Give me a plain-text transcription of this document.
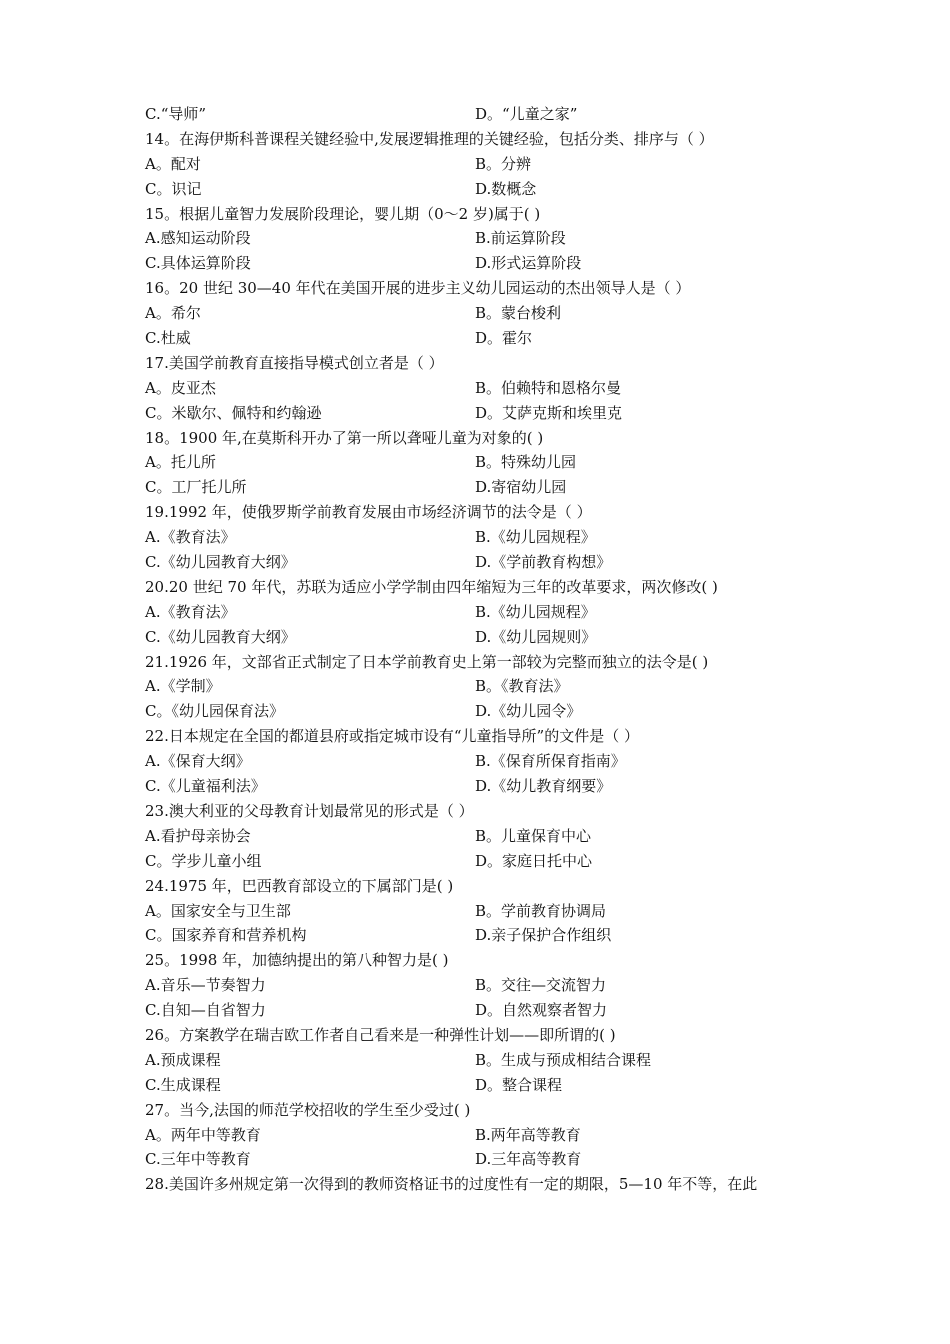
C.“导师”	D。“儿童之家”
14。在海伊斯科普课程关键经验中,发展逻辑推理的关键经验，包括分类、排序与（ ）
A。配对	B。分辨
C。识记	D.数概念
15。根据儿童智力发展阶段理论，婴儿期（0～2 岁)属于( )
A.感知运动阶段	B.前运算阶段
C.具体运算阶段	D.形式运算阶段
16。20 世纪 30—40 年代在美国开展的进步主义幼儿园运动的杰出领导人是（ ）
A。希尔	B。蒙台梭利
C.杜威	D。霍尔
17.美国学前教育直接指导模式创立者是（ ）
A。皮亚杰	B。伯赖特和恩格尔曼
C。米歇尔、佩特和约翰逊	D。艾萨克斯和埃里克
18。1900 年,在莫斯科开办了第一所以聋哑儿童为对象的( )
A。托儿所	B。特殊幼儿园
C。工厂托儿所	D.寄宿幼儿园
19.1992 年，使俄罗斯学前教育发展由市场经济调节的法令是（ ）
A.《教育法》	B.《幼儿园规程》
C.《幼儿园教育大纲》	D.《学前教育构想》
20.20 世纪 70 年代，苏联为适应小学学制由四年缩短为三年的改革要求，两次修改( )
A.《教育法》	B.《幼儿园规程》
C.《幼儿园教育大纲》	D.《幼儿园规则》
21.1926 年，文部省正式制定了日本学前教育史上第一部较为完整而独立的法令是( )
A.《学制》	B。《教育法》
C。《幼儿园保育法》	D.《幼儿园令》
22.日本规定在全国的都道县府或指定城市设有“儿童指导所”的文件是（ ）
A.《保育大纲》	B.《保育所保育指南》
C.《儿童福利法》	D.《幼儿教育纲要》
23.澳大利亚的父母教育计划最常见的形式是（ ）
A.看护母亲协会	B。儿童保育中心
C。学步儿童小组	D。家庭日托中心
24.1975 年，巴西教育部设立的下属部门是( )
A。国家安全与卫生部	B。学前教育协调局
C。国家养育和营养机构	D.亲子保护合作组织
25。1998 年，加德纳提出的第八种智力是( )
A.音乐—节奏智力	B。交往—交流智力
C.自知—自省智力	D。自然观察者智力
26。方案教学在瑞吉欧工作者自己看来是一种弹性计划——即所谓的( )
A.预成课程	B。生成与预成相结合课程
C.生成课程	D。整合课程
27。当今,法国的师范学校招收的学生至少受过( )
A。两年中等教育	B.两年高等教育
C.三年中等教育	D.三年高等教育
28.美国许多州规定第一次得到的教师资格证书的过度性有一定的期限，5—10 年不等，在此
